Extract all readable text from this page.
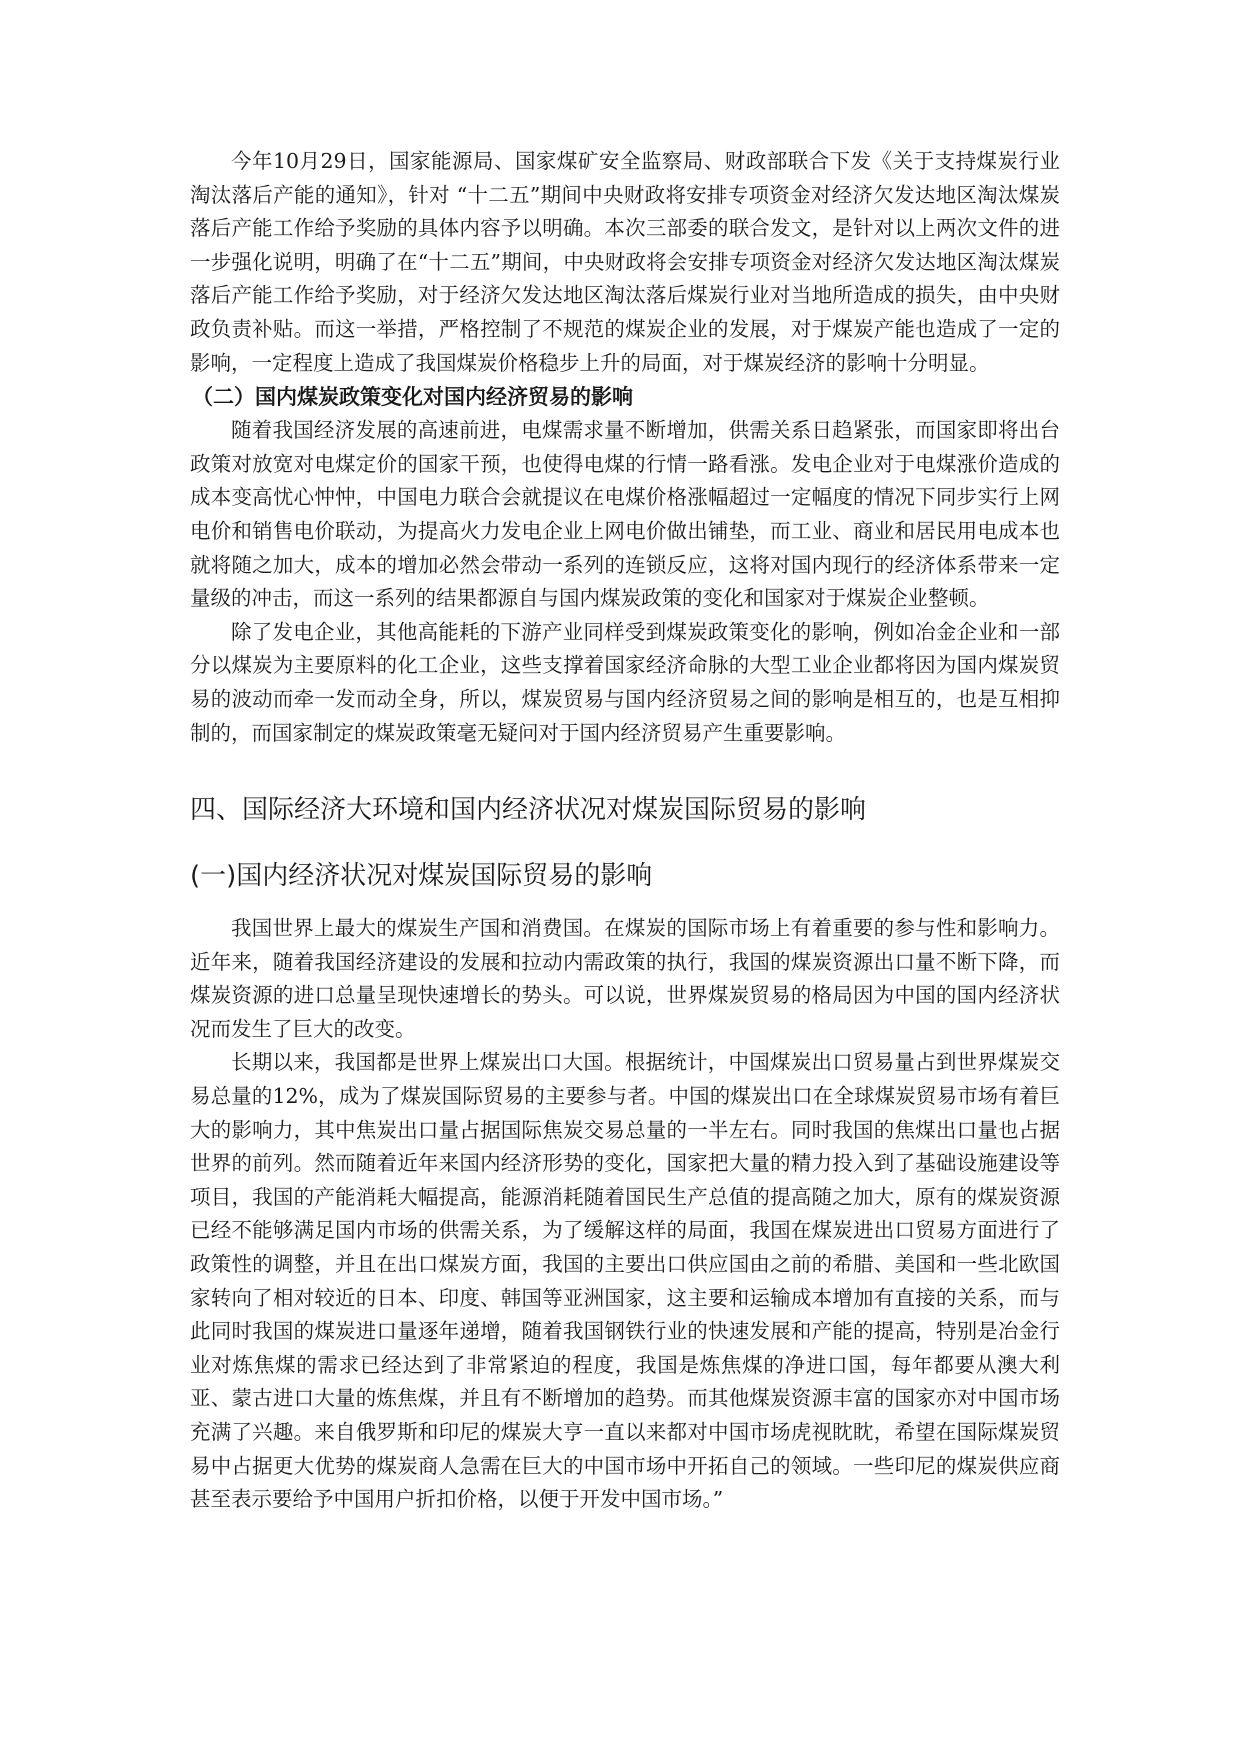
今年10月29日，国家能源局、国家煤矿安全监察局、财政部联合下发《关于支持煤炭行业淘汰落后产能的通知》，针对 “十二五”期间中央财政将安排专项资金对经济欠发达地区淘汰煤炭落后产能工作给予奖励的具体内容予以明确。本次三部委的联合发文，是针对以上两次文件的进一步强化说明，明确了在“十二五”期间，中央财政将会安排专项资金对经济欠发达地区淘汰煤炭落后产能工作给予奖励，对于经济欠发达地区淘汰落后煤炭行业对当地所造成的损失，由中央财政负责补贴。而这一举措，严格控制了不规范的煤炭企业的发展，对于煤炭产能也造成了一定的影响，一定程度上造成了我国煤炭价格稳步上升的局面，对于煤炭经济的影响十分明显。

（二）国内煤炭政策变化对国内经济贸易的影响

随着我国经济发展的高速前进，电煤需求量不断增加，供需关系日趋紧张，而国家即将出台政策对放宽对电煤定价的国家干预，也使得电煤的行情一路看涨。发电企业对于电煤涨价造成的成本变高忧心忡忡，中国电力联合会就提议在电煤价格涨幅超过一定幅度的情况下同步实行上网电价和销售电价联动，为提高火力发电企业上网电价做出铺垫，而工业、商业和居民用电成本也就将随之加大，成本的增加必然会带动一系列的连锁反应，这将对国内现行的经济体系带来一定量级的冲击，而这一系列的结果都源自与国内煤炭政策的变化和国家对于煤炭企业整顿。

除了发电企业，其他高能耗的下游产业同样受到煤炭政策变化的影响，例如冶金企业和一部分以煤炭为主要原料的化工企业，这些支撑着国家经济命脉的大型工业企业都将因为国内煤炭贸易的波动而牵一发而动全身，所以，煤炭贸易与国内经济贸易之间的影响是相互的，也是互相抑制的，而国家制定的煤炭政策毫无疑问对于国内经济贸易产生重要影响。

四、国际经济大环境和国内经济状况对煤炭国际贸易的影响
(一)国内经济状况对煤炭国际贸易的影响

我国世界上最大的煤炭生产国和消费国。在煤炭的国际市场上有着重要的参与性和影响力。近年来，随着我国经济建设的发展和拉动内需政策的执行，我国的煤炭资源出口量不断下降，而煤炭资源的进口总量呈现快速增长的势头。可以说，世界煤炭贸易的格局因为中国的国内经济状况而发生了巨大的改变。

长期以来，我国都是世界上煤炭出口大国。根据统计，中国煤炭出口贸易量占到世界煤炭交易总量的12%，成为了煤炭国际贸易的主要参与者。中国的煤炭出口在全球煤炭贸易市场有着巨大的影响力，其中焦炭出口量占据国际焦炭交易总量的一半左右。同时我国的焦煤出口量也占据世界的前列。然而随着近年来国内经济形势的变化，国家把大量的精力投入到了基础设施建设等项目，我国的产能消耗大幅提高，能源消耗随着国民生产总值的提高随之加大，原有的煤炭资源已经不能够满足国内市场的供需关系，为了缓解这样的局面，我国在煤炭进出口贸易方面进行了政策性的调整，并且在出口煤炭方面，我国的主要出口供应国由之前的希腊、美国和一些北欧国家转向了相对较近的日本、印度、韩国等亚洲国家，这主要和运输成本增加有直接的关系，而与此同时我国的煤炭进口量逐年递增，随着我国钢铁行业的快速发展和产能的提高，特别是冶金行业对炼焦煤的需求已经达到了非常紧迫的程度，我国是炼焦煤的净进口国，每年都要从澳大利亚、蒙古进口大量的炼焦煤，并且有不断增加的趋势。而其他煤炭资源丰富的国家亦对中国市场充满了兴趣。来自俄罗斯和印尼的煤炭大亨一直以来都对中国市场虎视眈眈，希望在国际煤炭贸易中占据更大优势的煤炭商人急需在巨大的中国市场中开拓自己的领域。一些印尼的煤炭供应商甚至表示要给予中国用户折扣价格，以便于开发中国市场。”
